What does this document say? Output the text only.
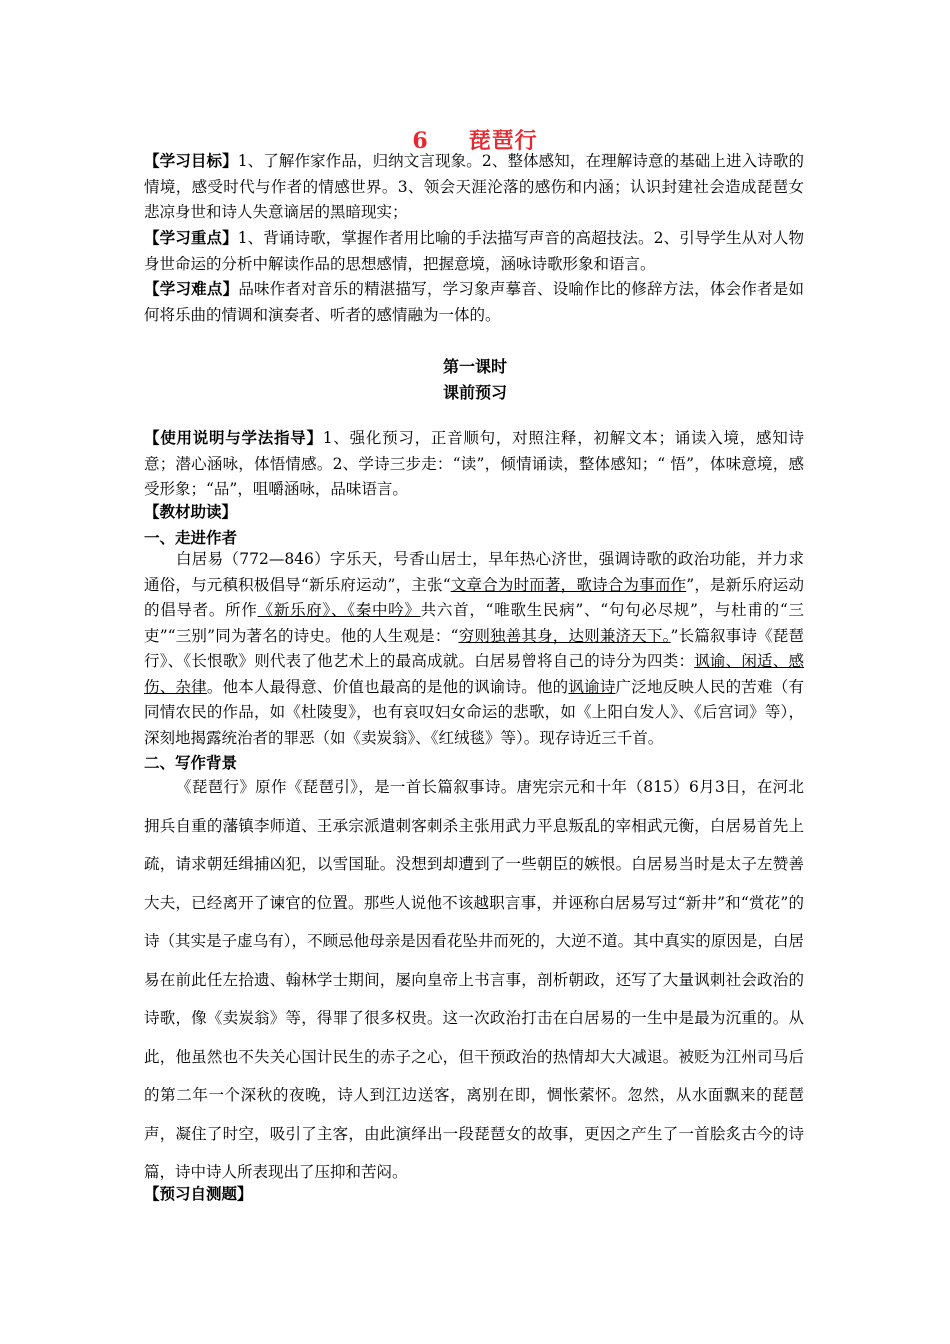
6 琵琶行
【学习目标】1、了解作家作品，归纳文言现象。2、整体感知，在理解诗意的基础上进入诗歌的情境，感受时代与作者的情感世界。3、领会天涯沦落的感伤和内涵；认识封建社会造成琵琶女悲凉身世和诗人失意谪居的黑暗现实；
【学习重点】1、背诵诗歌，掌握作者用比喻的手法描写声音的高超技法。2、引导学生从对人物身世命运的分析中解读作品的思想感情，把握意境，涵咏诗歌形象和语言。
【学习难点】品味作者对音乐的精湛描写，学习象声摹音、设喻作比的修辞方法，体会作者是如何将乐曲的情调和演奏者、听者的感情融为一体的。
第一课时
课前预习
【使用说明与学法指导】1、强化预习，正音顺句，对照注释，初解文本；诵读入境，感知诗意；潜心涵咏，体悟情感。2、学诗三步走：“读”，倾情诵读，整体感知；“ 悟”，体味意境，感受形象；“品”，咀嚼涵咏，品味语言。
【教材助读】
一、走进作者
白居易（772—846）字乐天，号香山居士，早年热心济世，强调诗歌的政治功能，并力求通俗，与元稹积极倡导“新乐府运动”，主张“文章合为时而著，歌诗合为事而作”，是新乐府运动的倡导者。所作《新乐府》、《秦中吟》共六首，“唯歌生民病”、“句句必尽规”，与杜甫的“三吏”“三别”同为著名的诗史。他的人生观是：“穷则独善其身，达则兼济天下。”长篇叙事诗《琵琶行》、《长恨歌》则代表了他艺术上的最高成就。白居易曾将自己的诗分为四类：讽谕、闲适、感伤、杂律。他本人最得意、价值也最高的是他的讽谕诗。他的讽谕诗广泛地反映人民的苦难（有同情农民的作品，如《杜陵叟》，也有哀叹妇女命运的悲歌，如《上阳白发人》、《后宫词》等），深刻地揭露统治者的罪恶（如《卖炭翁》、《红绒毯》等）。现存诗近三千首。
二、写作背景
《琵琶行》原作《琵琶引》，是一首长篇叙事诗。唐宪宗元和十年（815）6月3日，在河北拥兵自重的藩镇李师道、王承宗派遣刺客刺杀主张用武力平息叛乱的宰相武元衡，白居易首先上疏，请求朝廷缉捕凶犯，以雪国耻。没想到却遭到了一些朝臣的嫉恨。白居易当时是太子左赞善大夫，已经离开了谏官的位置。那些人说他不该越职言事，并诬称白居易写过“新井”和“赏花”的诗（其实是子虚乌有），不顾忌他母亲是因看花坠井而死的，大逆不道。其中真实的原因是，白居易在前此任左拾遗、翰林学士期间，屡向皇帝上书言事，剖析朝政，还写了大量讽刺社会政治的诗歌，像《卖炭翁》等，得罪了很多权贵。这一次政治打击在白居易的一生中是最为沉重的。从此，他虽然也不失关心国计民生的赤子之心，但干预政治的热情却大大减退。被贬为江州司马后的第二年一个深秋的夜晚，诗人到江边送客，离别在即，惆怅萦怀。忽然，从水面飘来的琵琶声，凝住了时空，吸引了主客，由此演绎出一段琵琶女的故事，更因之产生了一首脍炙古今的诗篇，诗中诗人所表现出了压抑和苦闷。
【预习自测题】
